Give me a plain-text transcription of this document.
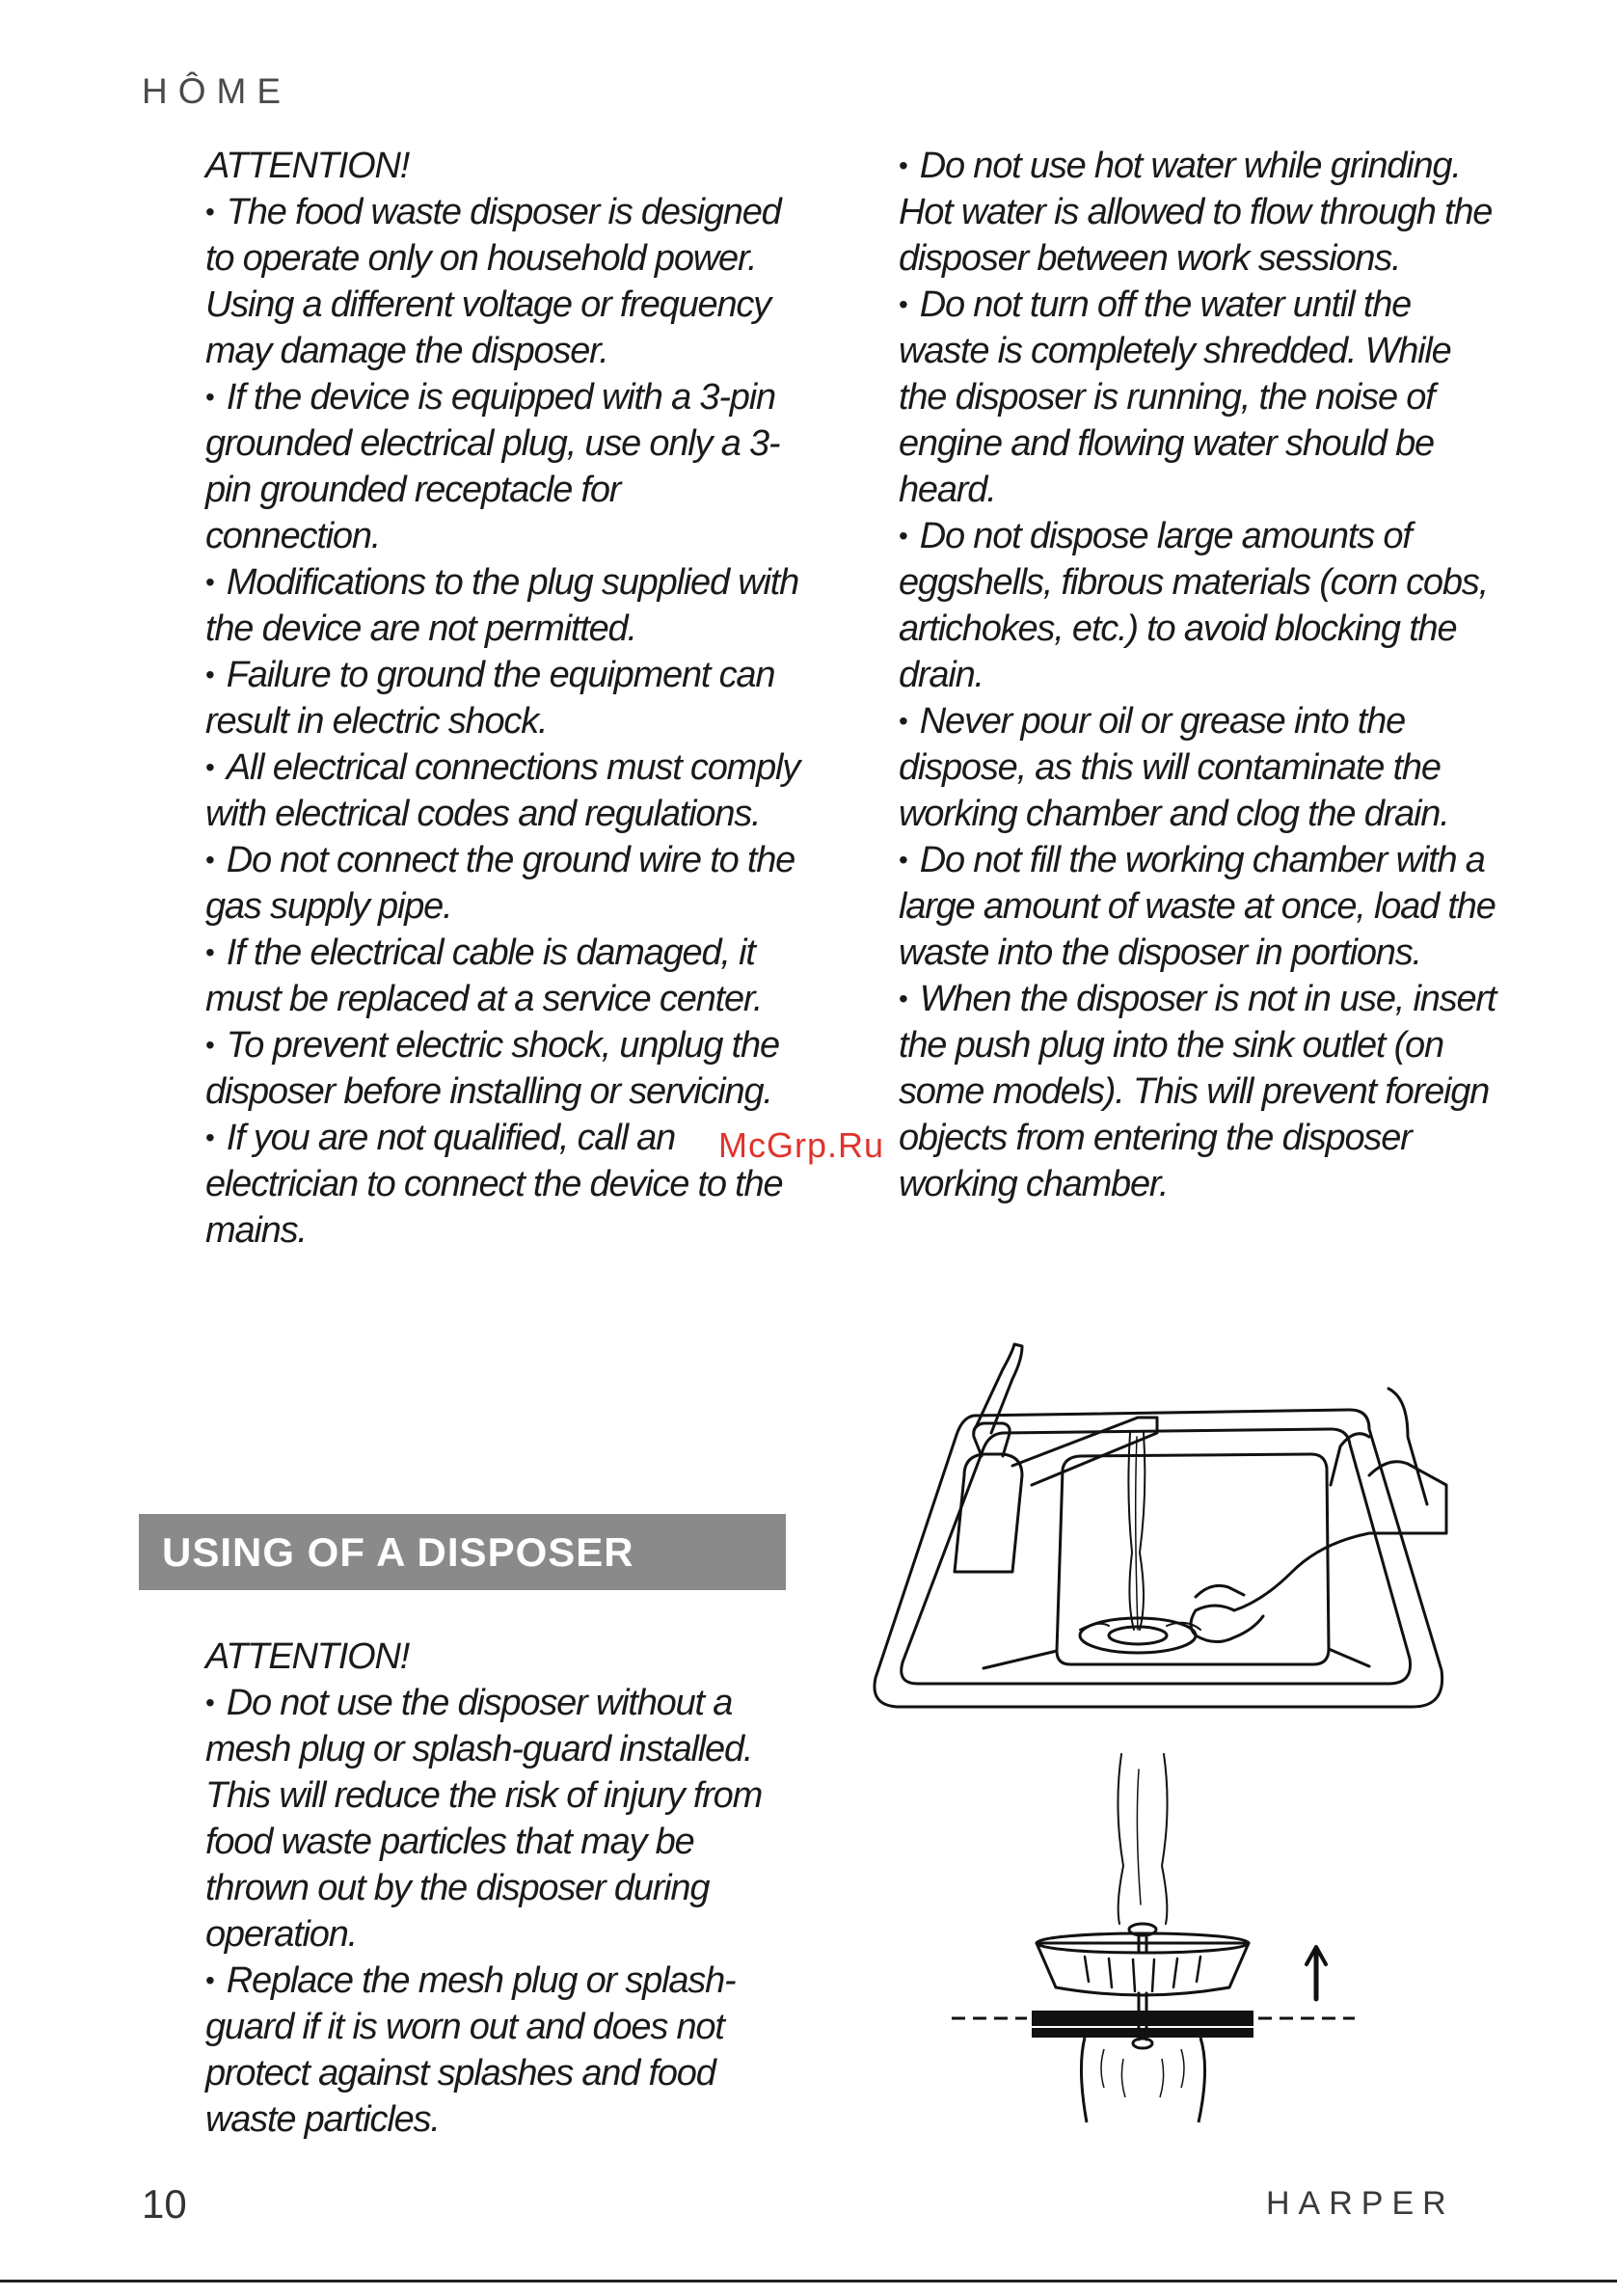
HÔME

ATTENTION!

•  The food waste disposer is designed to operate only on household power. Using a different voltage or frequency may damage the disposer.

•  If the device is equipped with a 3-pin grounded electrical plug, use only a 3-pin grounded receptacle for connection.

•  Modifications to the plug supplied with the device are not permitted.

•  Failure to ground the equipment can result in electric shock.

•  All electrical connections must comply with electrical codes and regulations.

•  Do not connect the ground wire to the gas supply pipe.

•  If the electrical cable is damaged, it must be replaced at a service center.

•  To prevent electric shock, unplug the disposer before installing or servicing.

•  If you are not qualified, call an electrician to connect the device to the mains.

•  Do not use hot water while grinding. Hot water is allowed to flow through the disposer between work sessions.

•  Do not turn off the water until the waste is completely shredded. While the disposer is running, the noise of engine and flowing water should be heard.

•  Do not dispose large amounts of eggshells, fibrous materials (corn cobs, artichokes, etc.) to avoid blocking the drain.

•  Never pour oil or grease into the dispose, as this will contaminate the working chamber and clog the drain.

•  Do not fill the working chamber with a large amount of waste at once, load the waste into the disposer in portions.

•  When the disposer is not in use, insert the push plug into the sink outlet (on some models). This will prevent foreign objects from entering the disposer working chamber.

USING OF A DISPOSER

ATTENTION!

•  Do not use the disposer without a mesh plug or splash-guard installed. This will reduce the risk of injury from food waste particles that may be thrown out by the disposer during operation.

•  Replace the mesh plug or splash-guard if it is worn out and does not protect against splashes and food waste particles.

McGrp.Ru
10	HARPER
